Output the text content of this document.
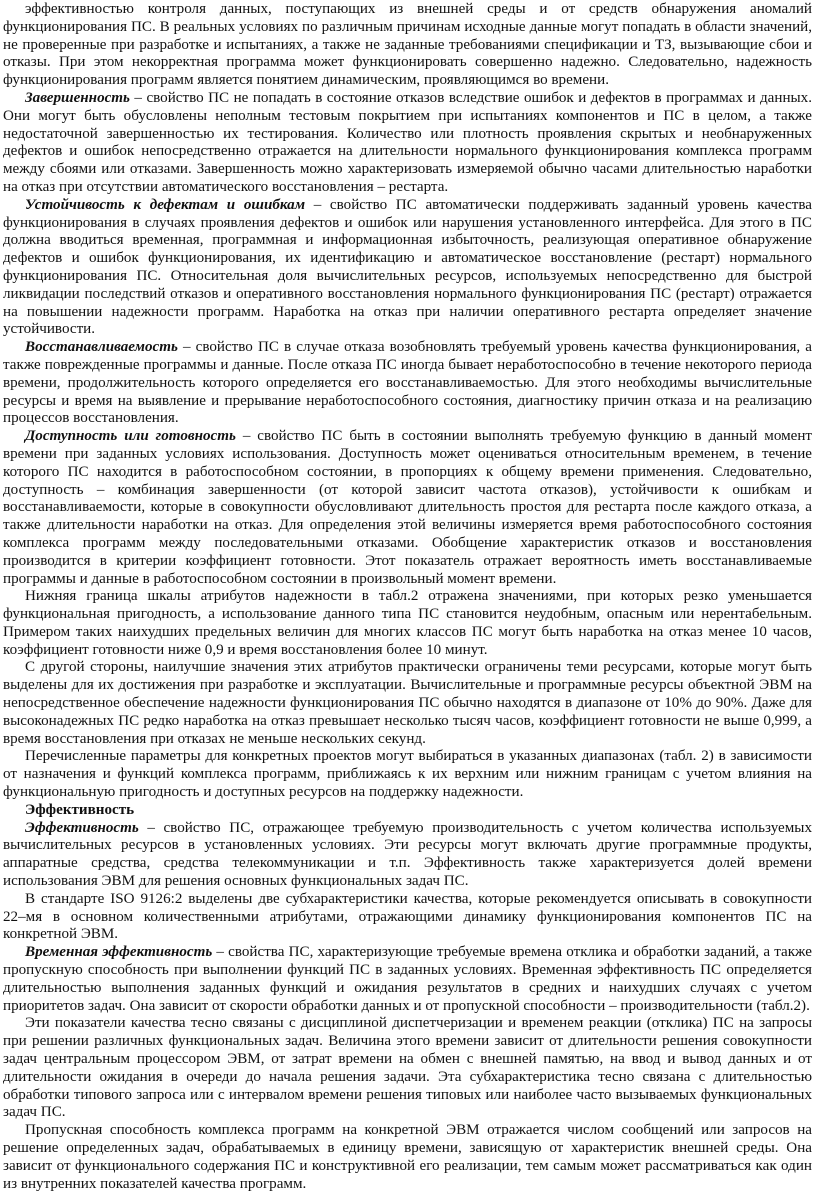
эффективностью контроля данных, поступающих из внешней среды и от средств обнаружения аномалий функционирования ПС. В реальных условиях по различным причинам исходные данные могут попадать в области значений, не проверенные при разработке и испытаниях, а также не заданные требованиями спецификации и ТЗ, вызывающие сбои и отказы. При этом некорректная программа может функционировать совершенно надежно. Следовательно, надежность функционирования программ является понятием динамическим, проявляющимся во времени.

Завершенность – свойство ПС не попадать в состояние отказов вследствие ошибок и дефектов в программах и данных. Они могут быть обусловлены неполным тестовым покрытием при испытаниях компонентов и ПС в целом, а также недостаточной завершенностью их тестирования. Количество или плотность проявления скрытых и необнаруженных дефектов и ошибок непосредственно отражается на длительности нормального функционирования комплекса программ между сбоями или отказами. Завершенность можно характеризовать измеряемой обычно часами длительностью наработки на отказ при отсутствии автоматического восстановления – рестарта.

Устойчивость к дефектам и ошибкам – свойство ПС автоматически поддерживать заданный уровень качества функционирования в случаях проявления дефектов и ошибок или нарушения установленного интерфейса. Для этого в ПС должна вводиться временная, программная и информационная избыточность, реализующая оперативное обнаружение дефектов и ошибок функционирования, их идентификацию и автоматическое восстановление (рестарт) нормального функционирования ПС. Относительная доля вычислительных ресурсов, используемых непосредственно для быстрой ликвидации последствий отказов и оперативного восстановления нормального функционирования ПС (рестарт) отражается на повышении надежности программ. Наработка на отказ при наличии оперативного рестарта определяет значение устойчивости.

Восстанавливаемость – свойство ПС в случае отказа возобновлять требуемый уровень качества функционирования, а также поврежденные программы и данные. После отказа ПС иногда бывает неработоспособно в течение некоторого периода времени, продолжительность которого определяется его восстанавливаемостью. Для этого необходимы вычислительные ресурсы и время на выявление и прерывание неработоспособного состояния, диагностику причин отказа и на реализацию процессов восстановления.

Доступность или готовность – свойство ПС быть в состоянии выполнять требуемую функцию в данный момент времени при заданных условиях использования. Доступность может оцениваться относительным временем, в течение которого ПС находится в работоспособном состоянии, в пропорциях к общему времени применения. Следовательно, доступность – комбинация завершенности (от которой зависит частота отказов), устойчивости к ошибкам и восстанавливаемости, которые в совокупности обусловливают длительность простоя для рестарта после каждого отказа, а также длительности наработки на отказ. Для определения этой величины измеряется время работоспособного состояния комплекса программ между последовательными отказами. Обобщение характеристик отказов и восстановления производится в критерии коэффициент готовности. Этот показатель отражает вероятность иметь восстанавливаемые программы и данные в работоспособном состоянии в произвольный момент времени.

Нижняя граница шкалы атрибутов надежности в табл.2 отражена значениями, при которых резко уменьшается функциональная пригодность, а использование данного типа ПС становится неудобным, опасным или нерентабельным. Примером таких наихудших предельных величин для многих классов ПС могут быть наработка на отказ менее 10 часов, коэффициент готовности ниже 0,9 и время восстановления более 10 минут.

С другой стороны, наилучшие значения этих атрибутов практически ограничены теми ресурсами, которые могут быть выделены для их достижения при разработке и эксплуатации. Вычислительные и программные ресурсы объектной ЭВМ на непосредственное обеспечение надежности функционирования ПС обычно находятся в диапазоне от 10% до 90%. Даже для высоконадежных ПС редко наработка на отказ превышает несколько тысяч часов, коэффициент готовности не выше 0,999, а время восстановления при отказах не меньше нескольких секунд.

Перечисленные параметры для конкретных проектов могут выбираться в указанных диапазонах (табл. 2) в зависимости от назначения и функций комплекса программ, приближаясь к их верхним или нижним границам с учетом влияния на функциональную пригодность и доступных ресурсов на поддержку надежности.

Эффективность

Эффективность – свойство ПС, отражающее требуемую производительность с учетом количества используемых вычислительных ресурсов в установленных условиях. Эти ресурсы могут включать другие программные продукты, аппаратные средства, средства телекоммуникации и т.п. Эффективность также характеризуется долей времени использования ЭВМ для решения основных функциональных задач ПС.

В стандарте ISO 9126:2 выделены две субхарактеристики качества, которые рекомендуется описывать в совокупности 22–мя в основном количественными атрибутами, отражающими динамику функционирования компонентов ПС на конкретной ЭВМ.

Временная эффективность – свойства ПС, характеризующие требуемые времена отклика и обработки заданий, а также пропускную способность при выполнении функций ПС в заданных условиях. Временная эффективность ПС определяется длительностью выполнения заданных функций и ожидания результатов в средних и наихудших случаях с учетом приоритетов задач. Она зависит от скорости обработки данных и от пропускной способности – производительности (табл.2).

Эти показатели качества тесно связаны с дисциплиной диспетчеризации и временем реакции (отклика) ПС на запросы при решении различных функциональных задач. Величина этого времени зависит от длительности решения совокупности задач центральным процессором ЭВМ, от затрат времени на обмен с внешней памятью, на ввод и вывод данных и от длительности ожидания в очереди до начала решения задачи. Эта субхарактеристика тесно связана с длительностью обработки типового запроса или с интервалом времени решения типовых или наиболее часто вызываемых функциональных задач ПС.

Пропускная способность комплекса программ на конкретной ЭВМ отражается числом сообщений или запросов на решение определенных задач, обрабатываемых в единицу времени, зависящую от характеристик внешней среды. Она зависит от функционального содержания ПС и конструктивной его реализации, тем самым может рассматриваться как один из внутренних показателей качества программ.
